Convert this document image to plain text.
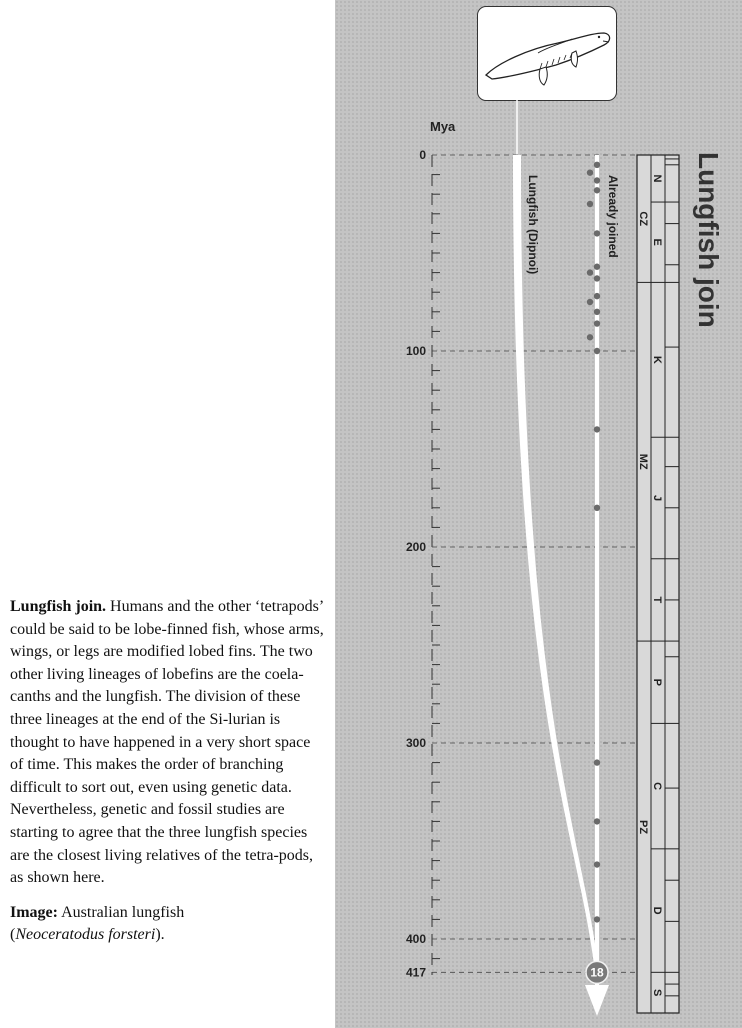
Lungfish join. Humans and the other ‘tetrapods’ could be said to be lobe-finned fish, whose arms, wings, or legs are modified lobed fins. The two other living lineages of lobefins are the coela-canths and the lungfish. The division of these three lineages at the end of the Si-lurian is thought to have happened in a very short space of time. This makes the order of branching difficult to sort out, even using genetic data. Nevertheless, genetic and fossil studies are starting to agree that the three lungfish species are the closest living relatives of the tetra-pods, as shown here.

Image: Australian lungfish
(Neoceratodus forsteri).

Mya
0
100
200
300
400
417
Lungfish (Dipnoi)	Already joined
18
CZ
MZ
PZ
N
E
K
J
T
P
C
D
S
Lungfish join
